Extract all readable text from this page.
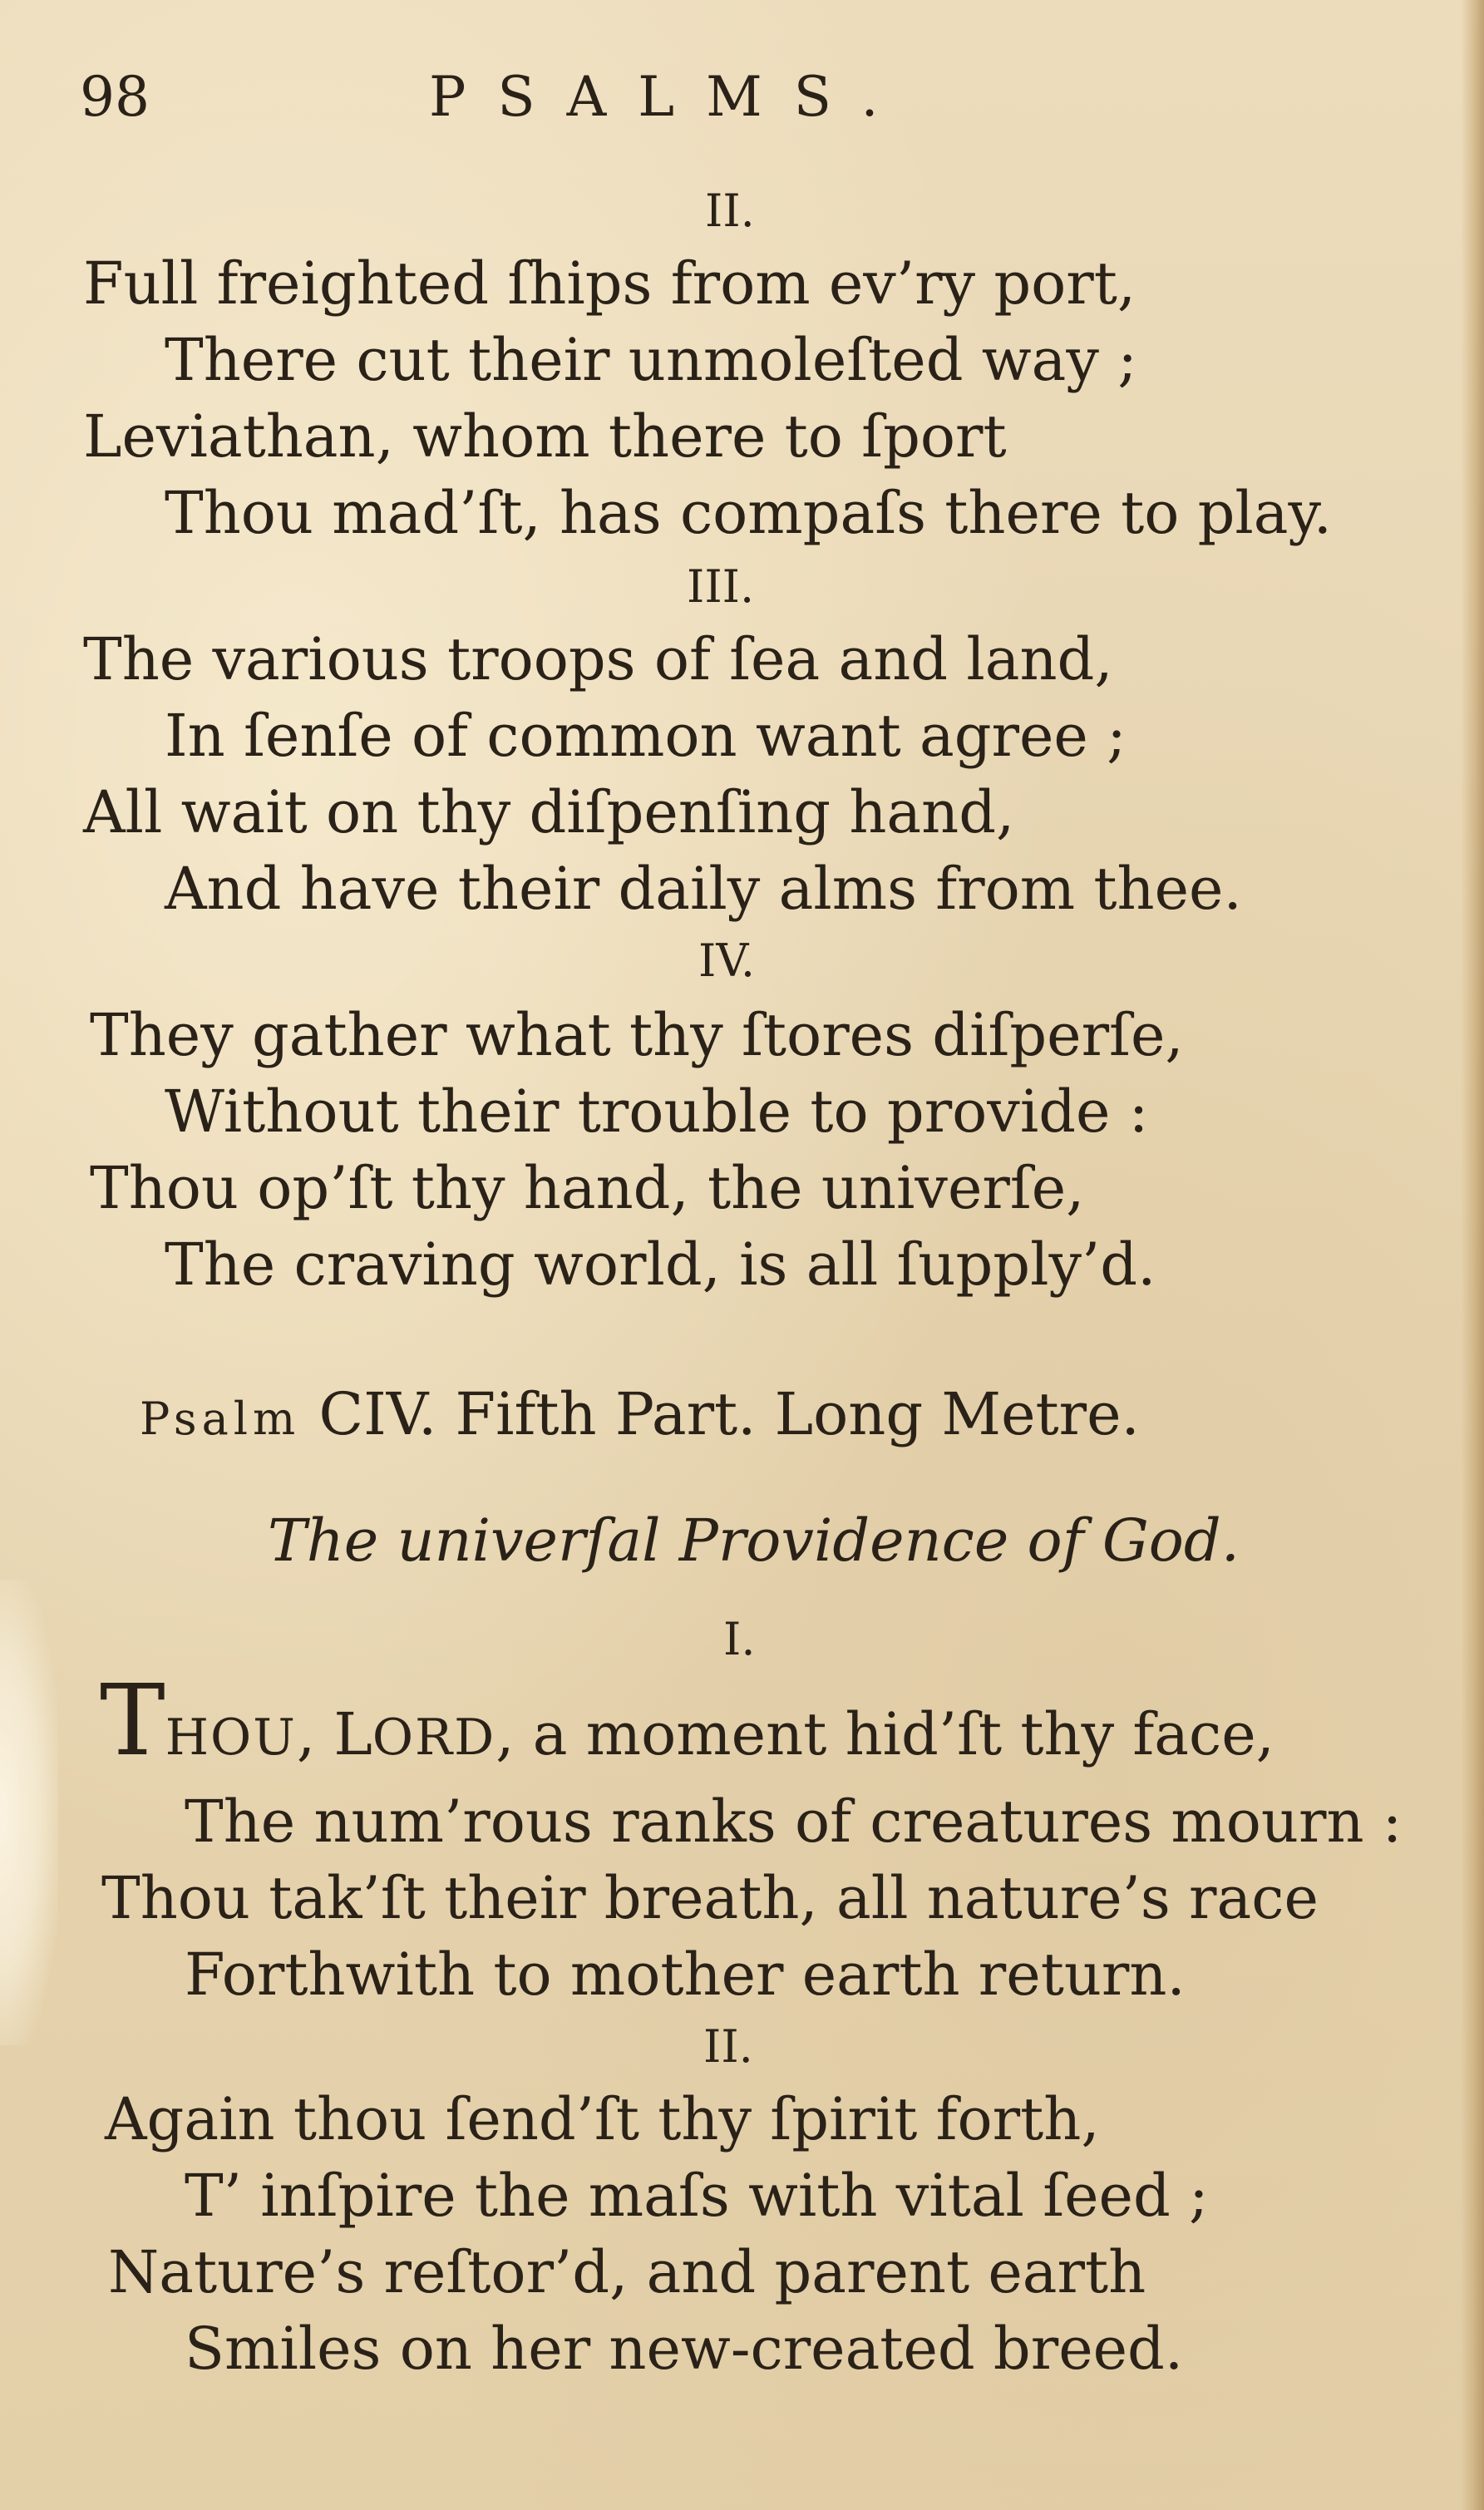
98	PSALMS.
II.
Full freighted ſhips from ev’ry port,
There cut their unmoleſted way ;
Leviathan, whom there to ſport
Thou mad’ſt, has compaſs there to play.
III.
The various troops of ſea and land,
In ſenſe of common want agree ;
All wait on thy diſpenſing hand,
And have their daily alms from thee.
IV.
They gather what thy ſtores diſperſe,
Without their trouble to provide :
Thou op’ſt thy hand, the univerſe,
The craving world, is all ſupply’d.
Psalm CIV. Fifth Part. Long Metre.
The univerſal Providence of God.
I.
THOU, LORD, a moment hid’ſt thy face,
The num’rous ranks of creatures mourn :
Thou tak’ſt their breath, all nature’s race
Forthwith to mother earth return.
II.
Again thou ſend’ſt thy ſpirit forth,
T’ inſpire the maſs with vital ſeed ;
Nature’s reſtor’d, and parent earth
Smiles on her new-created breed.
